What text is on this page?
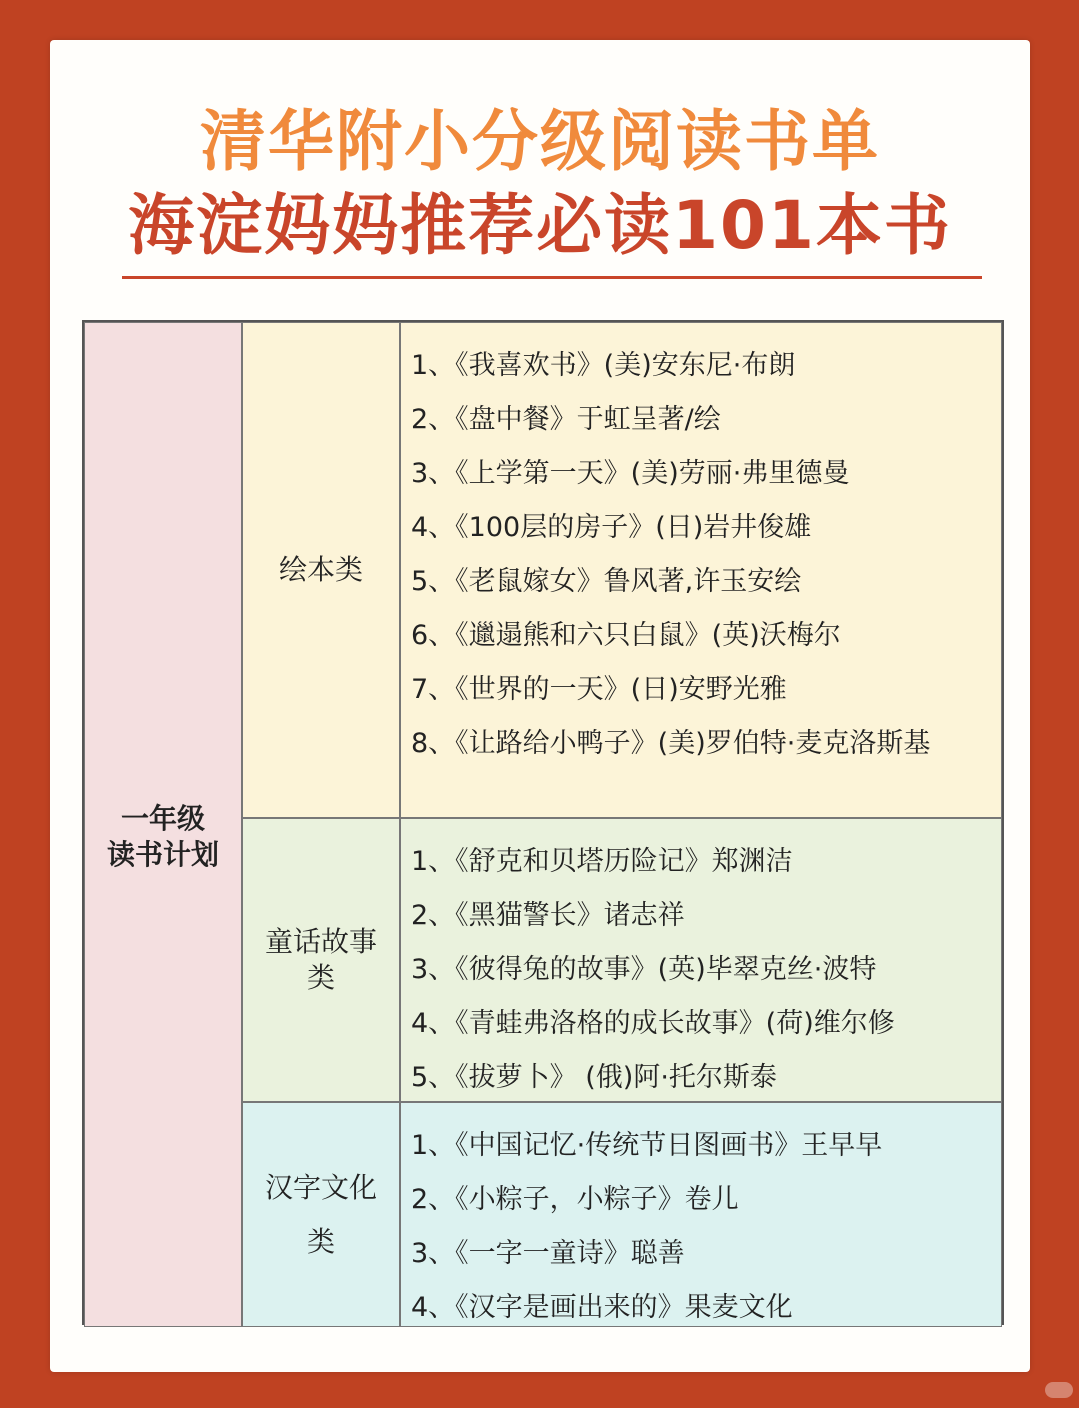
清华附小分级阅读书单
海淀妈妈推荐必读101本书
一年级
读书计划
绘本类
1、《我喜欢书》(美)安东尼·布朗
2、《盘中餐》于虹呈著/绘
3、《上学第一天》(美)劳丽·弗里德曼
4、《100层的房子》(日)岩井俊雄
5、《老鼠嫁女》鲁风著,许玉安绘
6、《邋遢熊和六只白鼠》(英)沃梅尔
7、《世界的一天》(日)安野光雅
8、《让路给小鸭子》(美)罗伯特·麦克洛斯基
童话故事
类
1、《舒克和贝塔历险记》郑渊洁
2、《黑猫警长》诸志祥
3、《彼得兔的故事》(英)毕翠克丝·波特
4、《青蛙弗洛格的成长故事》(荷)维尔修
5、《拔萝卜》 (俄)阿·托尔斯泰
汉字文化
类
1、《中国记忆·传统节日图画书》王早早
2、《小粽子，小粽子》卷儿
3、《一字一童诗》聪善
4、《汉字是画出来的》果麦文化
